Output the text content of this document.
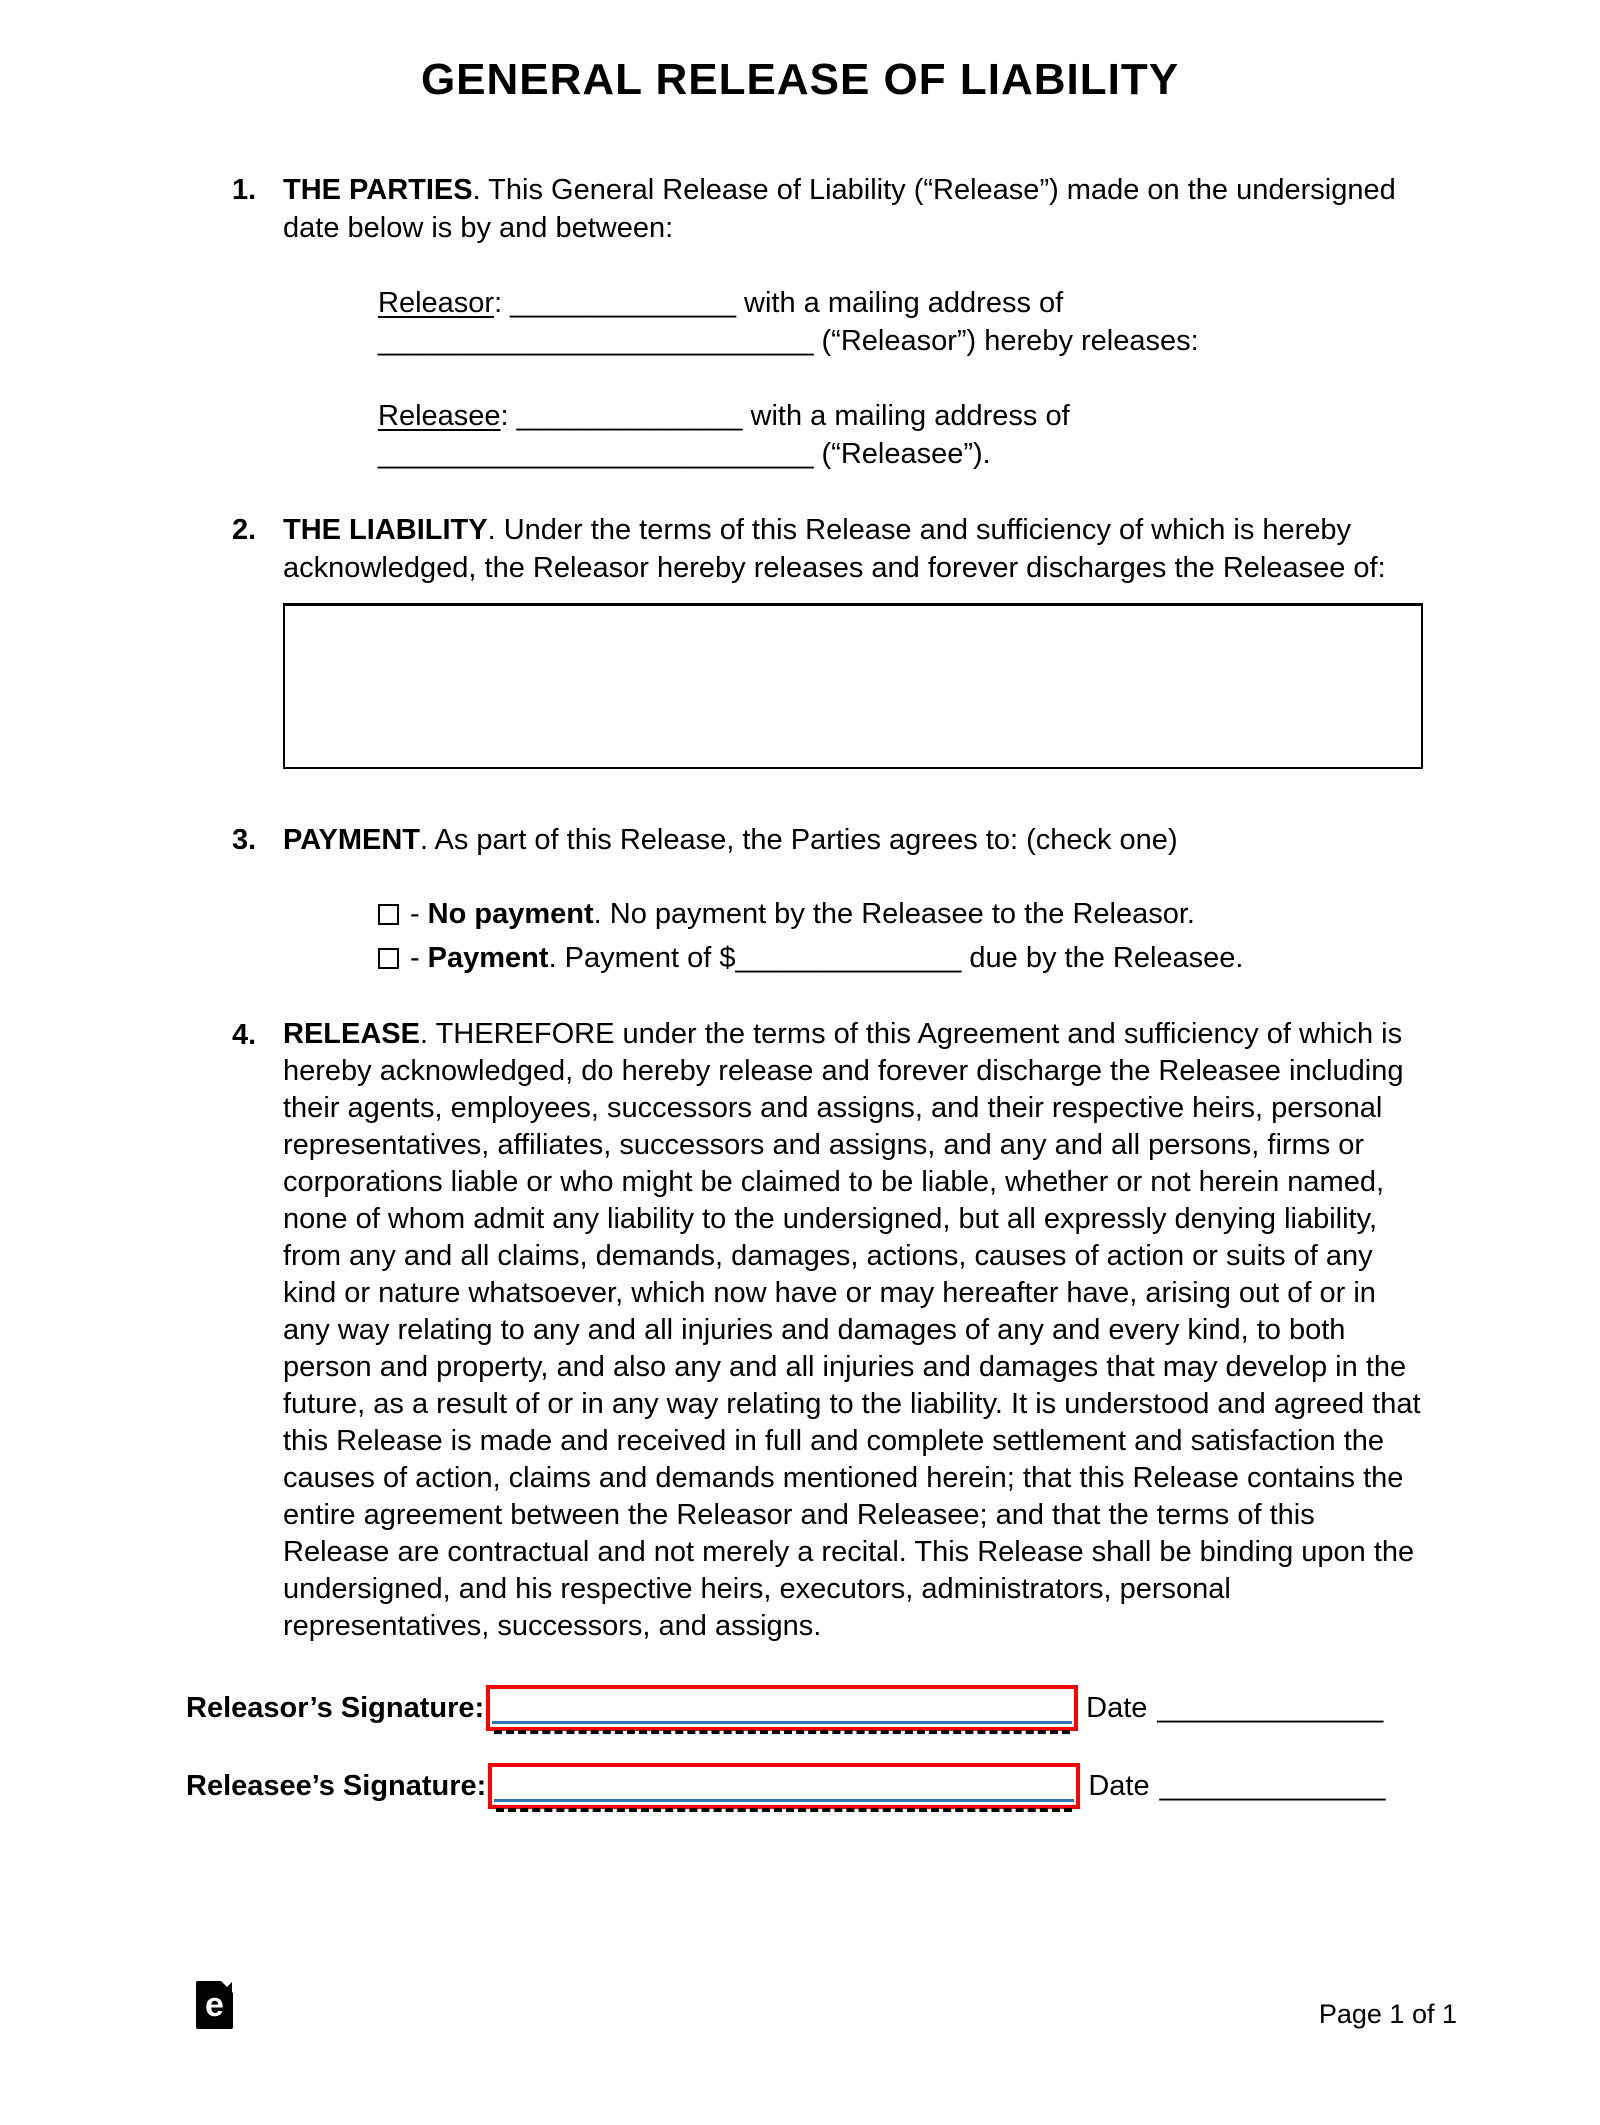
GENERAL RELEASE OF LIABILITY
1. THE PARTIES. This General Release of Liability (“Release”) made on the undersigned date below is by and between:

Releasor: ______________ with a mailing address of ___________________________ (“Releasor”) hereby releases:

Releasee: ______________ with a mailing address of ___________________________ (“Releasee”).

2. THE LIABILITY. Under the terms of this Release and sufficiency of which is hereby acknowledged, the Releasor hereby releases and forever discharges the Releasee of:

3. PAYMENT. As part of this Release, the Parties agrees to: (check one)

- No payment. No payment by the Releasee to the Releasor.
- Payment. Payment of $______________ due by the Releasee.
4. RELEASE. THEREFORE under the terms of this Agreement and sufficiency of which is hereby acknowledged, do hereby release and forever discharge the Releasee including their agents, employees, successors and assigns, and their respective heirs, personal representatives, affiliates, successors and assigns, and any and all persons, firms or corporations liable or who might be claimed to be liable, whether or not herein named, none of whom admit any liability to the undersigned, but all expressly denying liability, from any and all claims, demands, damages, actions, causes of action or suits of any kind or nature whatsoever, which now have or may hereafter have, arising out of or in any way relating to any and all injuries and damages of any and every kind, to both person and property, and also any and all injuries and damages that may develop in the future, as a result of or in any way relating to the liability. It is understood and agreed that this Release is made and received in full and complete settlement and satisfaction the causes of action, claims and demands mentioned herein; that this Release contains the entire agreement between the Releasor and Releasee; and that the terms of this Release are contractual and not merely a recital. This Release shall be binding upon the undersigned, and his respective heirs, executors, administrators, personal representatives, successors, and assigns.

Releasor’s Signature:	Date ______________
Releasee’s Signature:	Date ______________
e	Page 1 of 1
